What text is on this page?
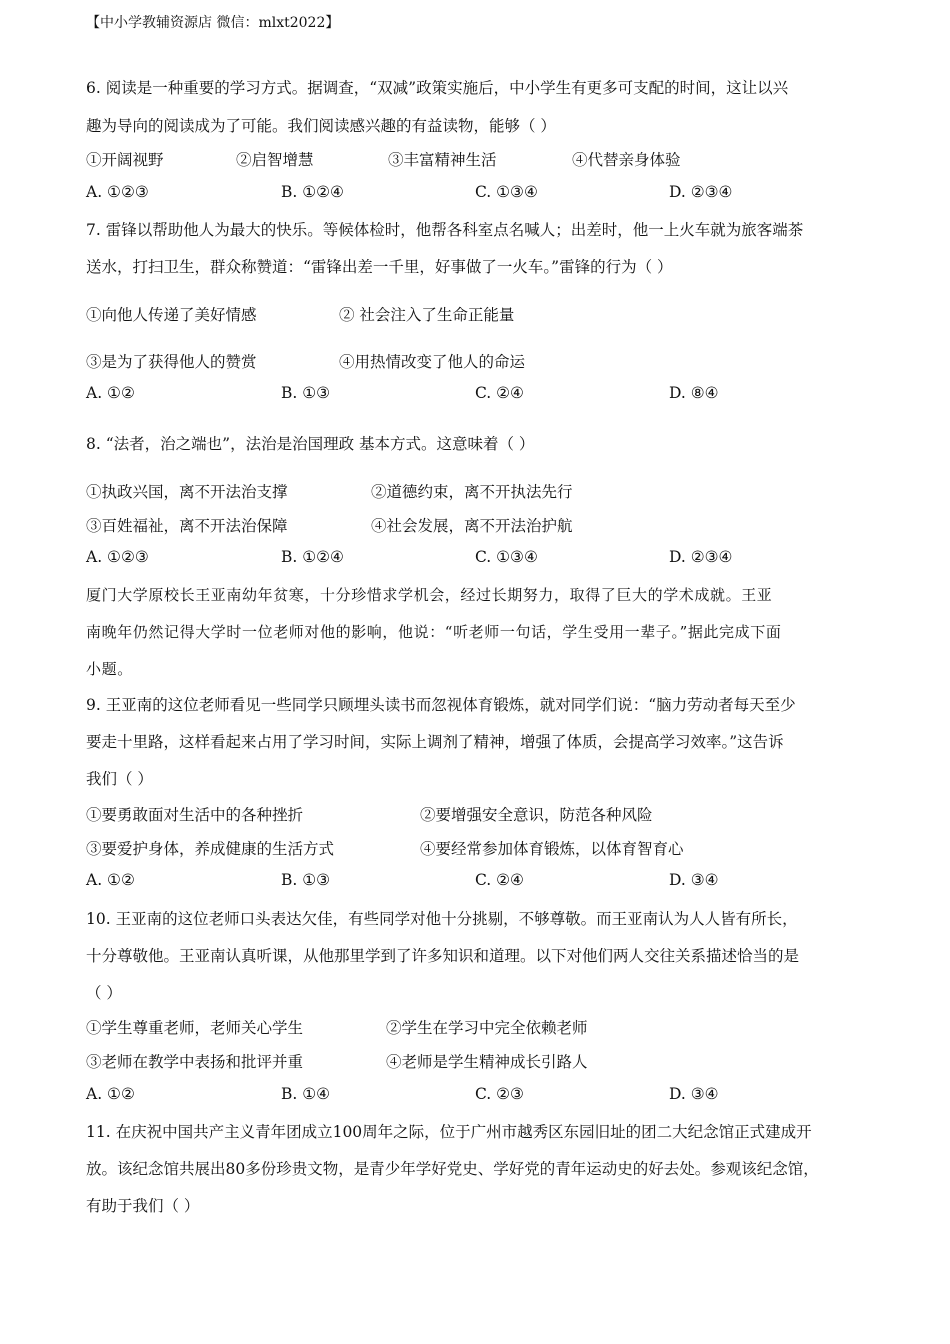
【中小学教辅资源店 微信：mlxt2022】
6. 阅读是一种重要的学习方式。据调查，“双减”政策实施后，中小学生有更多可支配的时间，这让以兴
趣为导向的阅读成为了可能。我们阅读感兴趣的有益读物，能够（ ）
①开阔视野	②启智增慧	③丰富精神生活	④代替亲身体验
A. ①②③	B. ①②④	C. ①③④	D. ②③④
7. 雷锋以帮助他人为最大的快乐。等候体检时，他帮各科室点名喊人；出差时，他一上火车就为旅客端茶
送水，打扫卫生，群众称赞道：“雷锋出差一千里，好事做了一火车。”雷锋的行为（ ）
①向他人传递了美好情感	② 社会注入了生命正能量
③是为了获得他人的赞赏	④用热情改变了他人的命运
A. ①②	B. ①③	C. ②④	D. ⑧④
8. “法者，治之端也”，法治是治国理政 基本方式。这意味着（ ）
①执政兴国，离不开法治支撑	②道德约束，离不开执法先行
③百姓福祉，离不开法治保障	④社会发展，离不开法治护航
A. ①②③	B. ①②④	C. ①③④	D. ②③④
厦门大学原校长王亚南幼年贫寒，十分珍惜求学机会，经过长期努力，取得了巨大的学术成就。王亚
南晚年仍然记得大学时一位老师对他的影响，他说：“听老师一句话，学生受用一辈子。”据此完成下面
小题。
9. 王亚南的这位老师看见一些同学只顾埋头读书而忽视体育锻炼，就对同学们说：“脑力劳动者每天至少
要走十里路，这样看起来占用了学习时间，实际上调剂了精神，增强了体质，会提高学习效率。”这告诉
我们（ ）
①要勇敢面对生活中的各种挫折	②要增强安全意识，防范各种风险
③要爱护身体，养成健康的生活方式	④要经常参加体育锻炼，以体育智育心
A. ①②	B. ①③	C. ②④	D. ③④
10. 王亚南的这位老师口头表达欠佳，有些同学对他十分挑剔，不够尊敬。而王亚南认为人人皆有所长，
十分尊敬他。王亚南认真听课，从他那里学到了许多知识和道理。以下对他们两人交往关系描述恰当的是
（ ）
①学生尊重老师，老师关心学生	②学生在学习中完全依赖老师
③老师在教学中表扬和批评并重	④老师是学生精神成长引路人
A. ①②	B. ①④	C. ②③	D. ③④
11. 在庆祝中国共产主义青年团成立100周年之际，位于广州市越秀区东园旧址的团二大纪念馆正式建成开
放。该纪念馆共展出80多份珍贵文物，是青少年学好党史、学好党的青年运动史的好去处。参观该纪念馆，
有助于我们（ ）
